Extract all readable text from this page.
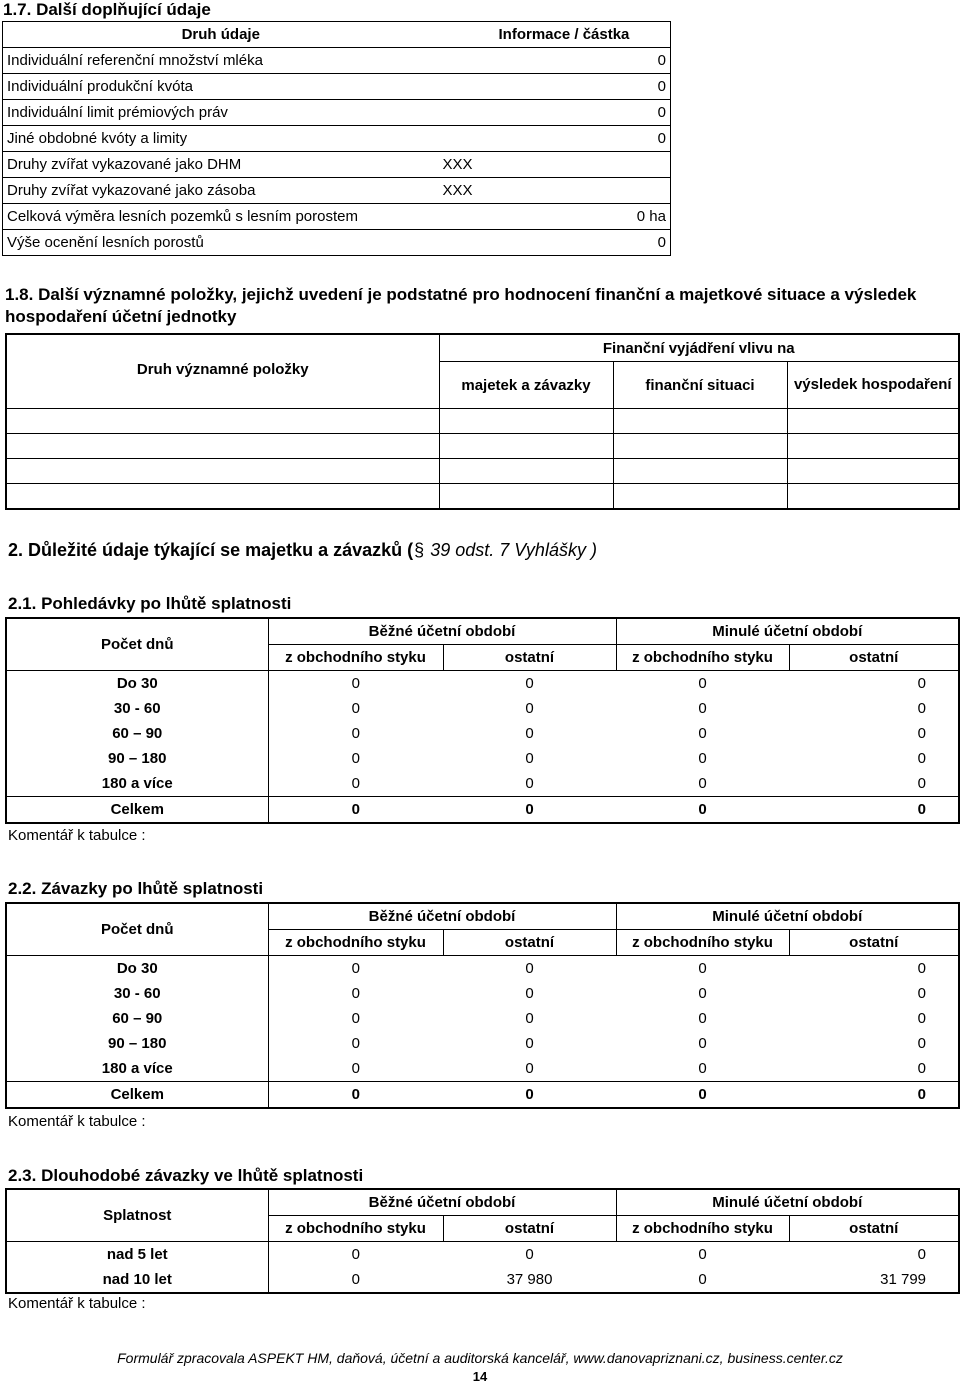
1.7. Další doplňující údaje
Druh údaje		Informace / částka
Individuální referenční množství mléka		0
Individuální produkční kvóta		0
Individuální limit prémiových práv		0
Jiné obdobné kvóty a limity		0
Druhy zvířat vykazované jako DHM	XXX	
Druhy zvířat vykazované jako zásoba	XXX	
Celková výměra lesních pozemků s lesním porostem		0 ha
Výše ocenění lesních porostů		0
1.8. Další významné položky, jejichž uvedení je podstatné pro hodnocení finanční a majetkové situace a výsledek hospodaření účetní jednotky
Druh významné položky	Finanční vyjádření vlivu na		
	majetek a závazky	finanční situaci	výsledek hospodaření

2. Důležité údaje týkající se majetku a závazků (§ 39 odst. 7 Vyhlášky )
2.1. Pohledávky po lhůtě splatnosti
Počet dnů	Běžné účetní období		Minulé účetní období	
	z obchodního styku	ostatní	z obchodního styku	ostatní
Do 30	0	0	0	0
30 - 60	0	0	0	0
60 – 90	0	0	0	0
90 – 180	0	0	0	0
180 a více	0	0	0	0
Celkem	0	0	0	0
Komentář k tabulce :
2.2. Závazky po lhůtě splatnosti
Počet dnů	Běžné účetní období		Minulé účetní období	
	z obchodního styku	ostatní	z obchodního styku	ostatní
Do 30	0	0	0	0
30 - 60	0	0	0	0
60 – 90	0	0	0	0
90 – 180	0	0	0	0
180 a více	0	0	0	0
Celkem	0	0	0	0
Komentář k tabulce :
2.3. Dlouhodobé závazky ve lhůtě splatnosti
Splatnost	Běžné účetní období		Minulé účetní období	
	z obchodního styku	ostatní	z obchodního styku	ostatní
nad 5 let	0	0	0	0
nad 10 let	0	37 980	0	31 799
Komentář k tabulce :
Formulář zpracovala ASPEKT HM, daňová, účetní a auditorská kancelář, www.danovapriznani.cz, business.center.cz
14
